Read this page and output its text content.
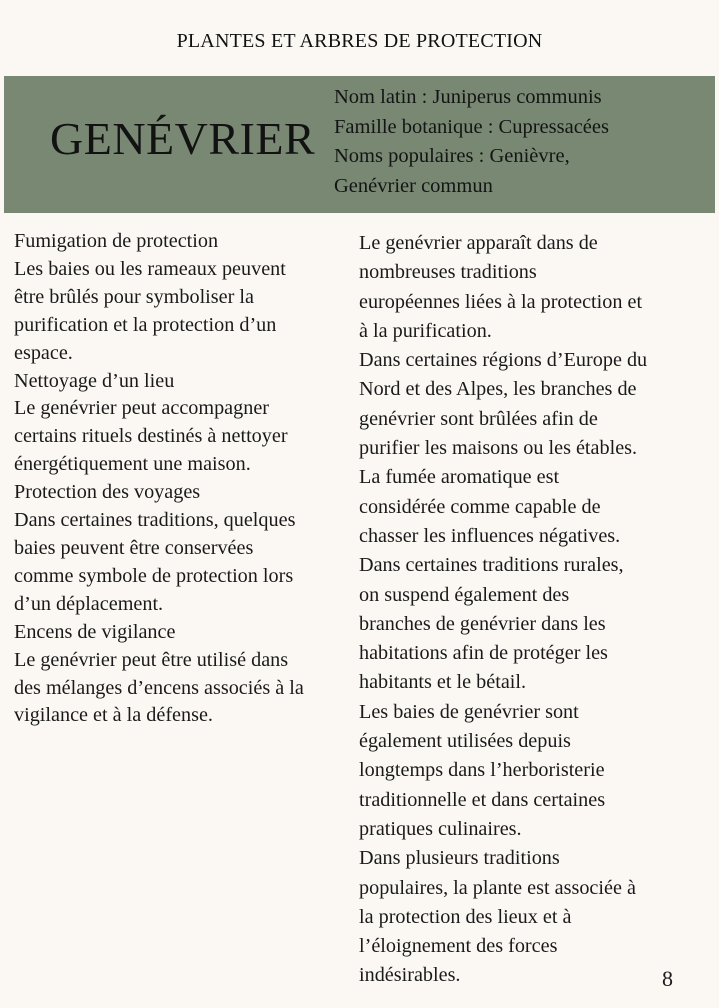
PLANTES ET ARBRES DE PROTECTION
GENÉVRIER
Nom latin : Juniperus communis
Famille botanique : Cupressacées
Noms populaires : Genièvre,
Genévrier commun
Fumigation de protection
Les baies ou les rameaux peuvent
être brûlés pour symboliser la
purification et la protection d’un
espace.
Nettoyage d’un lieu
Le genévrier peut accompagner
certains rituels destinés à nettoyer
énergétiquement une maison.
Protection des voyages
Dans certaines traditions, quelques
baies peuvent être conservées
comme symbole de protection lors
d’un déplacement.
Encens de vigilance
Le genévrier peut être utilisé dans
des mélanges d’encens associés à la
vigilance et à la défense.
Le genévrier apparaît dans de
nombreuses traditions
européennes liées à la protection et
à la purification.
Dans certaines régions d’Europe du
Nord et des Alpes, les branches de
genévrier sont brûlées afin de
purifier les maisons ou les étables.
La fumée aromatique est
considérée comme capable de
chasser les influences négatives.
Dans certaines traditions rurales,
on suspend également des
branches de genévrier dans les
habitations afin de protéger les
habitants et le bétail.
Les baies de genévrier sont
également utilisées depuis
longtemps dans l’herboristerie
traditionnelle et dans certaines
pratiques culinaires.
Dans plusieurs traditions
populaires, la plante est associée à
la protection des lieux et à
l’éloignement des forces
indésirables.	8
